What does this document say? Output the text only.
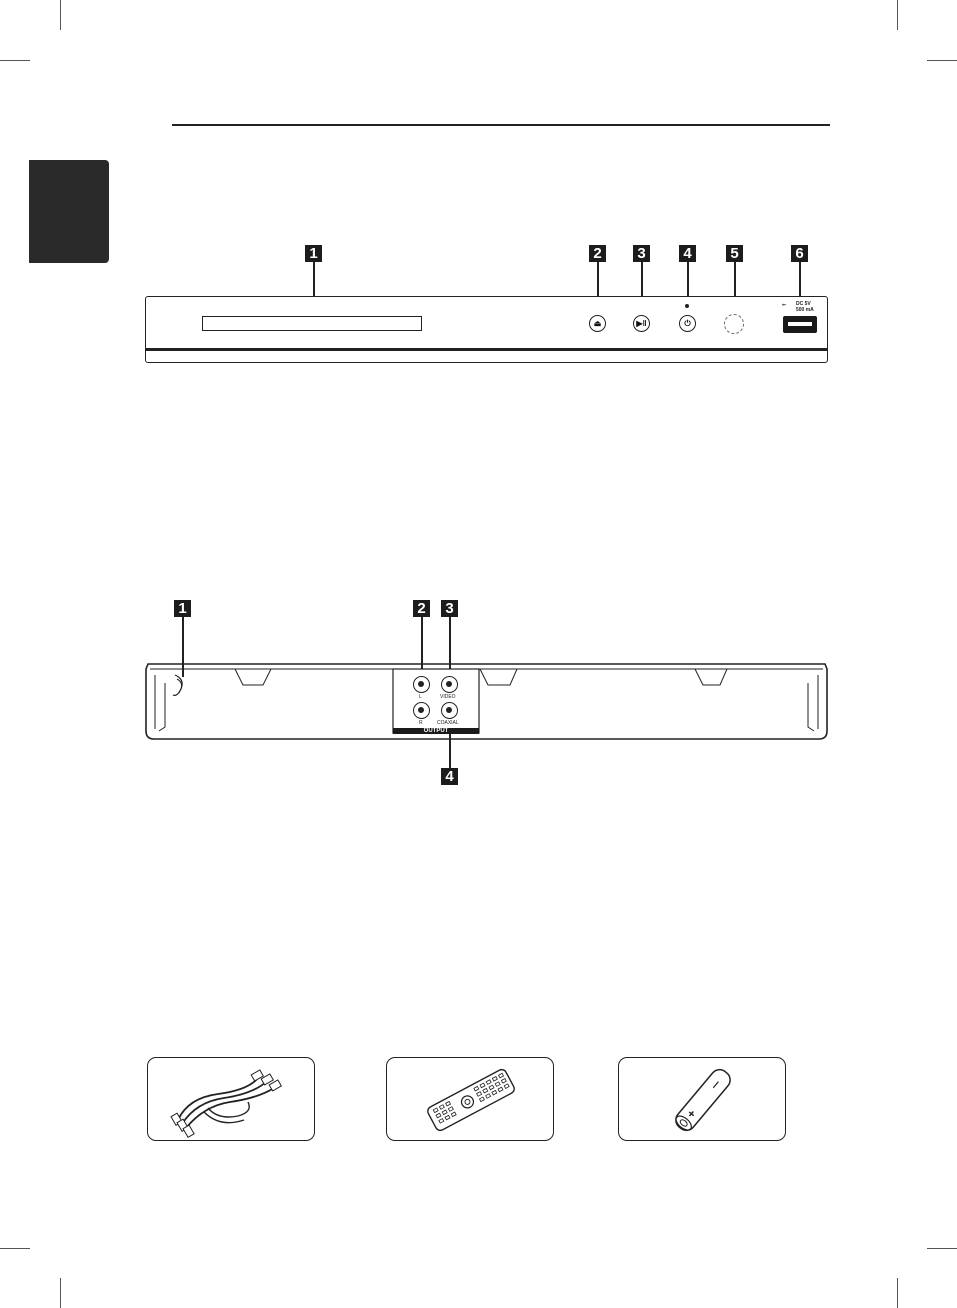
1	2 3	4	5	6
⏏	▶‖	⏻
⭠ DC 5V
500 mA
1	2 3
4
L	VIDEO
R	COAXIAL
OUTPUT
